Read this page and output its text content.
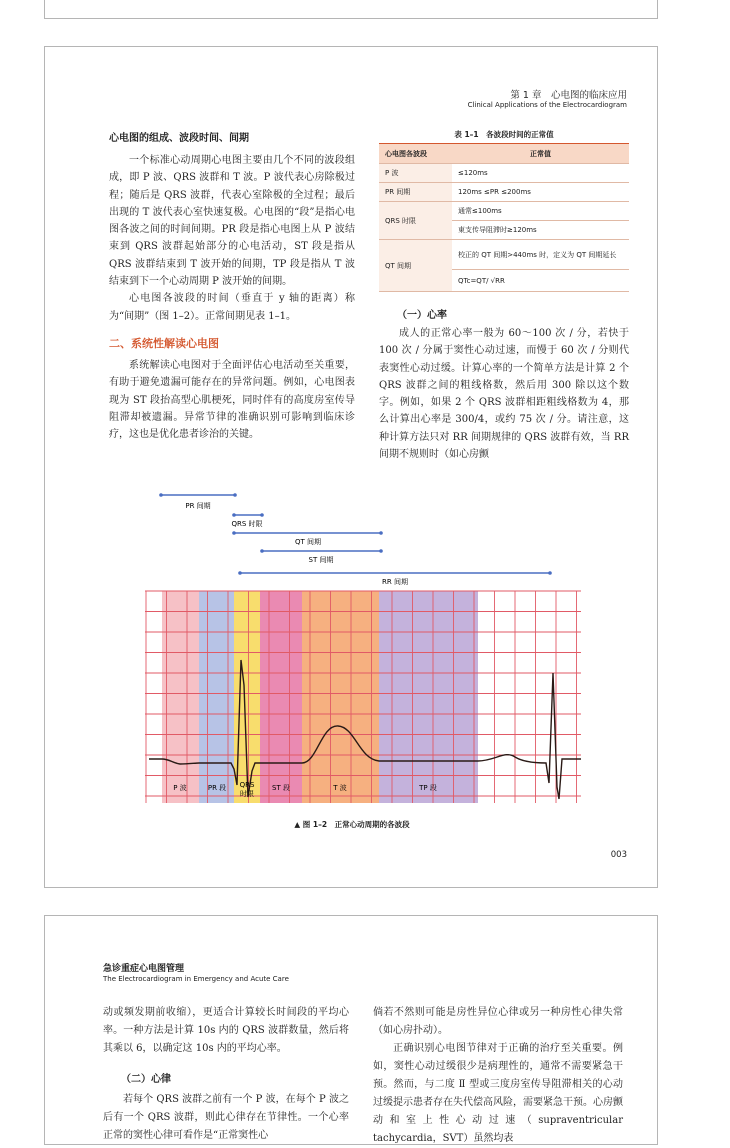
第 1 章　心电图的临床应用
Clinical Applications of the Electrocardiogram
心电图的组成、波段时间、间期
一个标准心动周期心电图主要由几个不同的波段组成，即 P 波、QRS 波群和 T 波。P 波代表心房除极过程；随后是 QRS 波群，代表心室除极的全过程；最后出现的 T 波代表心室快速复极。心电图的“段”是指心电图各波之间的时间间期。PR 段是指心电图上从 P 波结束到 QRS 波群起始部分的心电活动，ST 段是指从 QRS 波群结束到 T 波开始的间期，TP 段是指从 T 波结束到下一个心动周期 P 波开始的间期。
心电图各波段的时间（垂直于 y 轴的距离）称为“间期”（图 1–2）。正常间期见表 1–1。
二、系统性解读心电图
系统解读心电图对于全面评估心电活动至关重要，有助于避免遗漏可能存在的异常问题。例如，心电图表现为 ST 段抬高型心肌梗死，同时伴有的高度房室传导阻滞却被遗漏。异常节律的准确识别可影响到临床诊疗，这也是优化患者诊治的关键。
表 1–1　各波段时间的正常值
心电图各波段	正常值
P 波	≤120ms
PR 间期	120ms ≤PR ≤200ms
QRS 时限	通常≤100ms
	東支传导阻滞时≥120ms
QT 间期	校正的 QT 间期>440ms 时，定义为 QT 间期延长
	QTc=QT/ √RR
（一）心率
成人的正常心率一般为 60～100 次 / 分，若快于 100 次 / 分属于窦性心动过速，而慢于 60 次 / 分则代表窦性心动过缓。计算心率的一个简单方法是计算 2 个 QRS 波群之间的粗线格数，然后用 300 除以这个数字。例如，如果 2 个 QRS 波群相距粗线格数为 4，那么计算出心率是 300/4，或约 75 次 / 分。请注意，这种计算方法只对 RR 间期规律的 QRS 波群有效，当 RR 间期不规则时（如心房颤
PR 间期
QRS 时限
QT 间期
ST 间期
RR 间期
P 波	PR 段 QRS
时限
ST 段	T 波	TP 段
▲ 图 1–2　正常心动周期的各波段
003
急诊重症心电图管理
The Electrocardiogram in Emergency and Acute Care
动或频发期前收缩），更适合计算较长时间段的平均心率。一种方法是计算 10s 内的 QRS 波群数量，然后将其乘以 6，以确定这 10s 内的平均心率。
（二）心律
若每个 QRS 波群之前有一个 P 波，在每个 P 波之后有一个 QRS 波群，则此心律存在节律性。一个心率正常的窦性心律可看作是“正常窦性心
倘若不然则可能是房性异位心律或另一种房性心律失常（如心房扑动）。
正确识别心电图节律对于正确的治疗至关重要。例如，窦性心动过缓很少是病理性的，通常不需要紧急干预。然而，与二度 Ⅱ 型或三度房室传导阻滞相关的心动过缓提示患者存在失代偿高风险，需要紧急干预。心房颤动和室上性心动过速（supraventricular tachycardia，SVT）虽然均表
